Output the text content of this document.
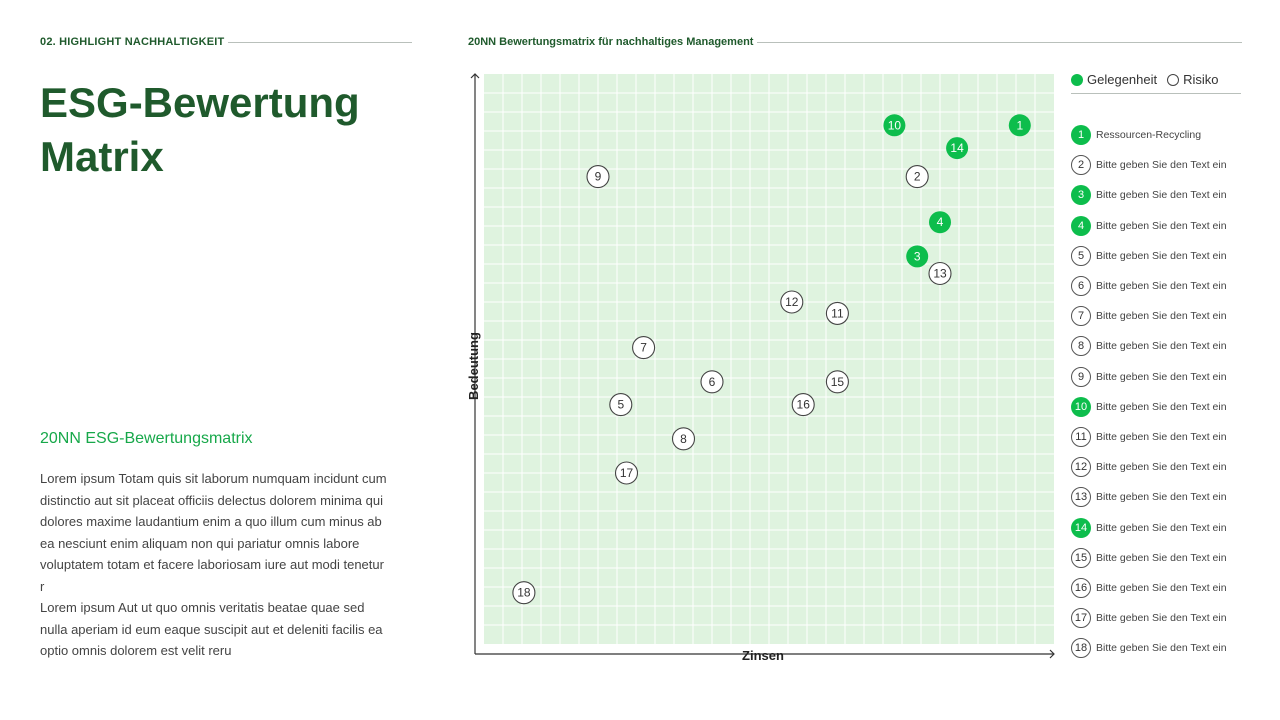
02. HIGHLIGHT NACHHALTIGKEIT	20NN Bewertungsmatrix für nachhaltiges Management
ESG-Bewertung
Matrix
20NN ESG-Bewertungsmatrix

Lorem ipsum Totam quis sit laborum numquam incidunt cum distinctio aut sit placeat officiis delectus dolorem minima qui dolores maxime laudantium enim a quo illum cum minus ab ea nesciunt enim aliquam non qui pariatur omnis labore voluptatem totam et facere laboriosam iure aut modi tenetur r

Lorem ipsum Aut ut quo omnis veritatis beatae quae sed nulla aperiam id eum eaque suscipit aut et deleniti facilis ea optio omnis dolorem est velit reru

1
3
4
10
14
2
5
6
7
8
9
11
12
13
15
16
17
18
Zinsen
Bedeutung
Gelegenheit Risiko
1	Ressourcen-Recycling
2	Bitte geben Sie den Text ein
3	Bitte geben Sie den Text ein
4	Bitte geben Sie den Text ein
5	Bitte geben Sie den Text ein
6	Bitte geben Sie den Text ein
7	Bitte geben Sie den Text ein
8	Bitte geben Sie den Text ein
9	Bitte geben Sie den Text ein
10 Bitte geben Sie den Text ein
11 Bitte geben Sie den Text ein
12 Bitte geben Sie den Text ein
13 Bitte geben Sie den Text ein
14 Bitte geben Sie den Text ein
15 Bitte geben Sie den Text ein
16 Bitte geben Sie den Text ein
17 Bitte geben Sie den Text ein
18 Bitte geben Sie den Text ein
